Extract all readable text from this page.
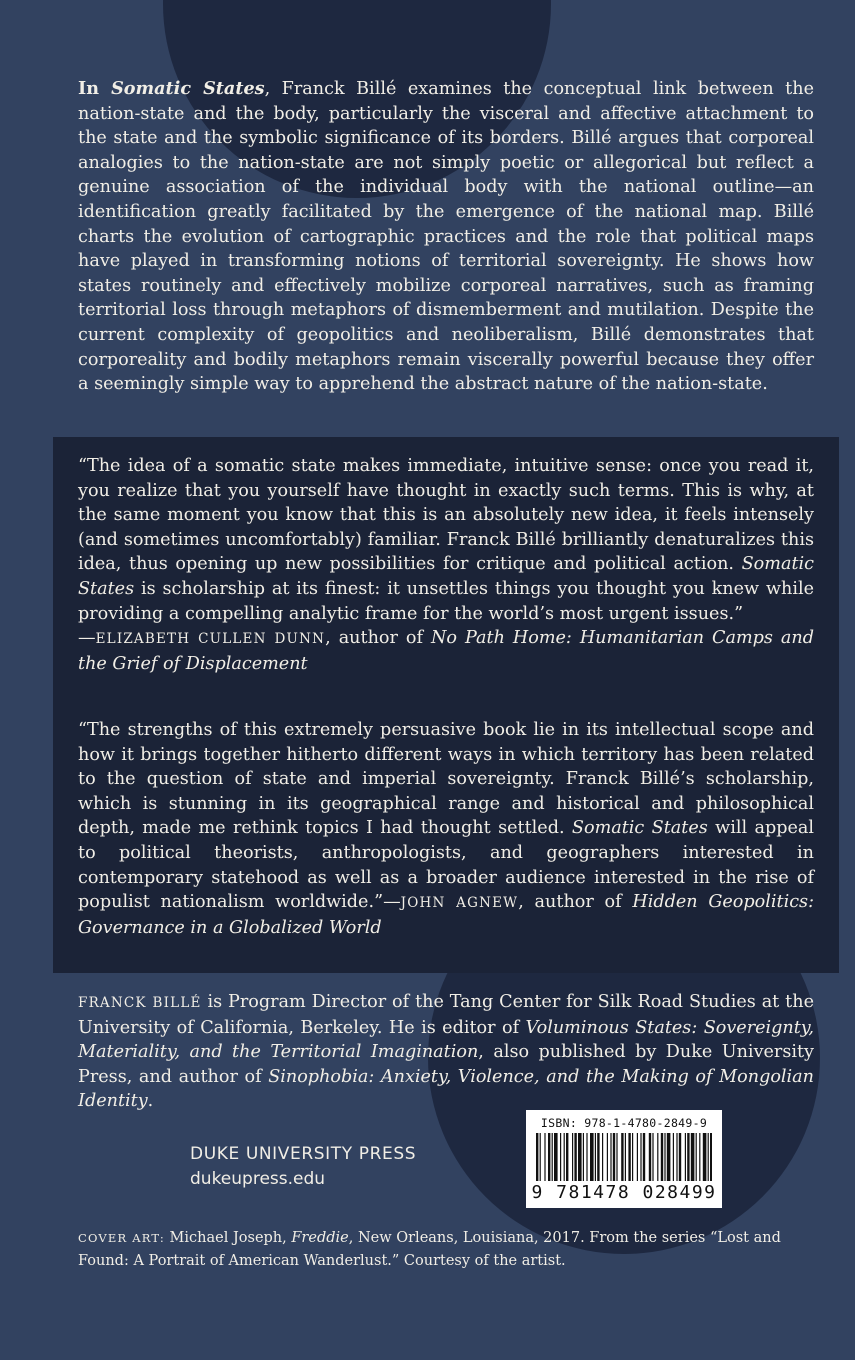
In Somatic States, Franck Billé examines the conceptual link between the nation-state and the body, particularly the visceral and affective attachment to the state and the symbolic significance of its borders. Billé argues that corporeal analogies to the nation-state are not simply poetic or allegorical but reflect a genuine association of the individual body with the national outline—an identification greatly facilitated by the emergence of the national map. Billé charts the evolution of cartographic practices and the role that political maps have played in transforming notions of territorial sovereignty. He shows how states routinely and effectively mobilize corporeal narratives, such as framing territorial loss through metaphors of dismemberment and mutilation. Despite the current complexity of geopolitics and neoliberalism, Billé demonstrates that corporeality and bodily metaphors remain viscerally powerful because they offer a seemingly simple way to apprehend the abstract nature of the nation-state.
“The idea of a somatic state makes immediate, intuitive sense: once you read it, you realize that you yourself have thought in exactly such terms. This is why, at the same moment you know that this is an absolutely new idea, it feels intensely (and sometimes uncomfortably) familiar. Franck Billé brilliantly denaturalizes this idea, thus opening up new possibilities for critique and political action. Somatic States is scholarship at its finest: it unsettles things you thought you knew while providing a compelling analytic frame for the world’s most urgent issues.”
—ELIZABETH CULLEN DUNN, author of No Path Home: Humanitarian Camps and the Grief of Displacement
“The strengths of this extremely persuasive book lie in its intellectual scope and how it brings together hitherto different ways in which territory has been related to the question of state and imperial sovereignty. Franck Billé’s scholarship, which is stunning in its geographical range and historical and philosophical depth, made me rethink topics I had thought settled. Somatic States will appeal to political theorists, anthropologists, and geographers interested in contemporary statehood as well as a broader audience interested in the rise of populist nationalism worldwide.”—JOHN AGNEW, author of Hidden Geopolitics: Governance in a Globalized World
FRANCK BILLÉ is Program Director of the Tang Center for Silk Road Studies at the University of California, Berkeley. He is editor of Voluminous States: Sovereignty, Materiality, and the Territorial Imagination, also published by Duke University Press, and author of Sinophobia: Anxiety, Violence, and the Making of Mongolian Identity.
DUKE UNIVERSITY PRESS
dukeupress.edu
ISBN: 978-1-4780-2849-9
9 781478 028499
COVER ART: Michael Joseph, Freddie, New Orleans, Louisiana, 2017. From the series “Lost and Found: A Portrait of American Wanderlust.” Courtesy of the artist.
